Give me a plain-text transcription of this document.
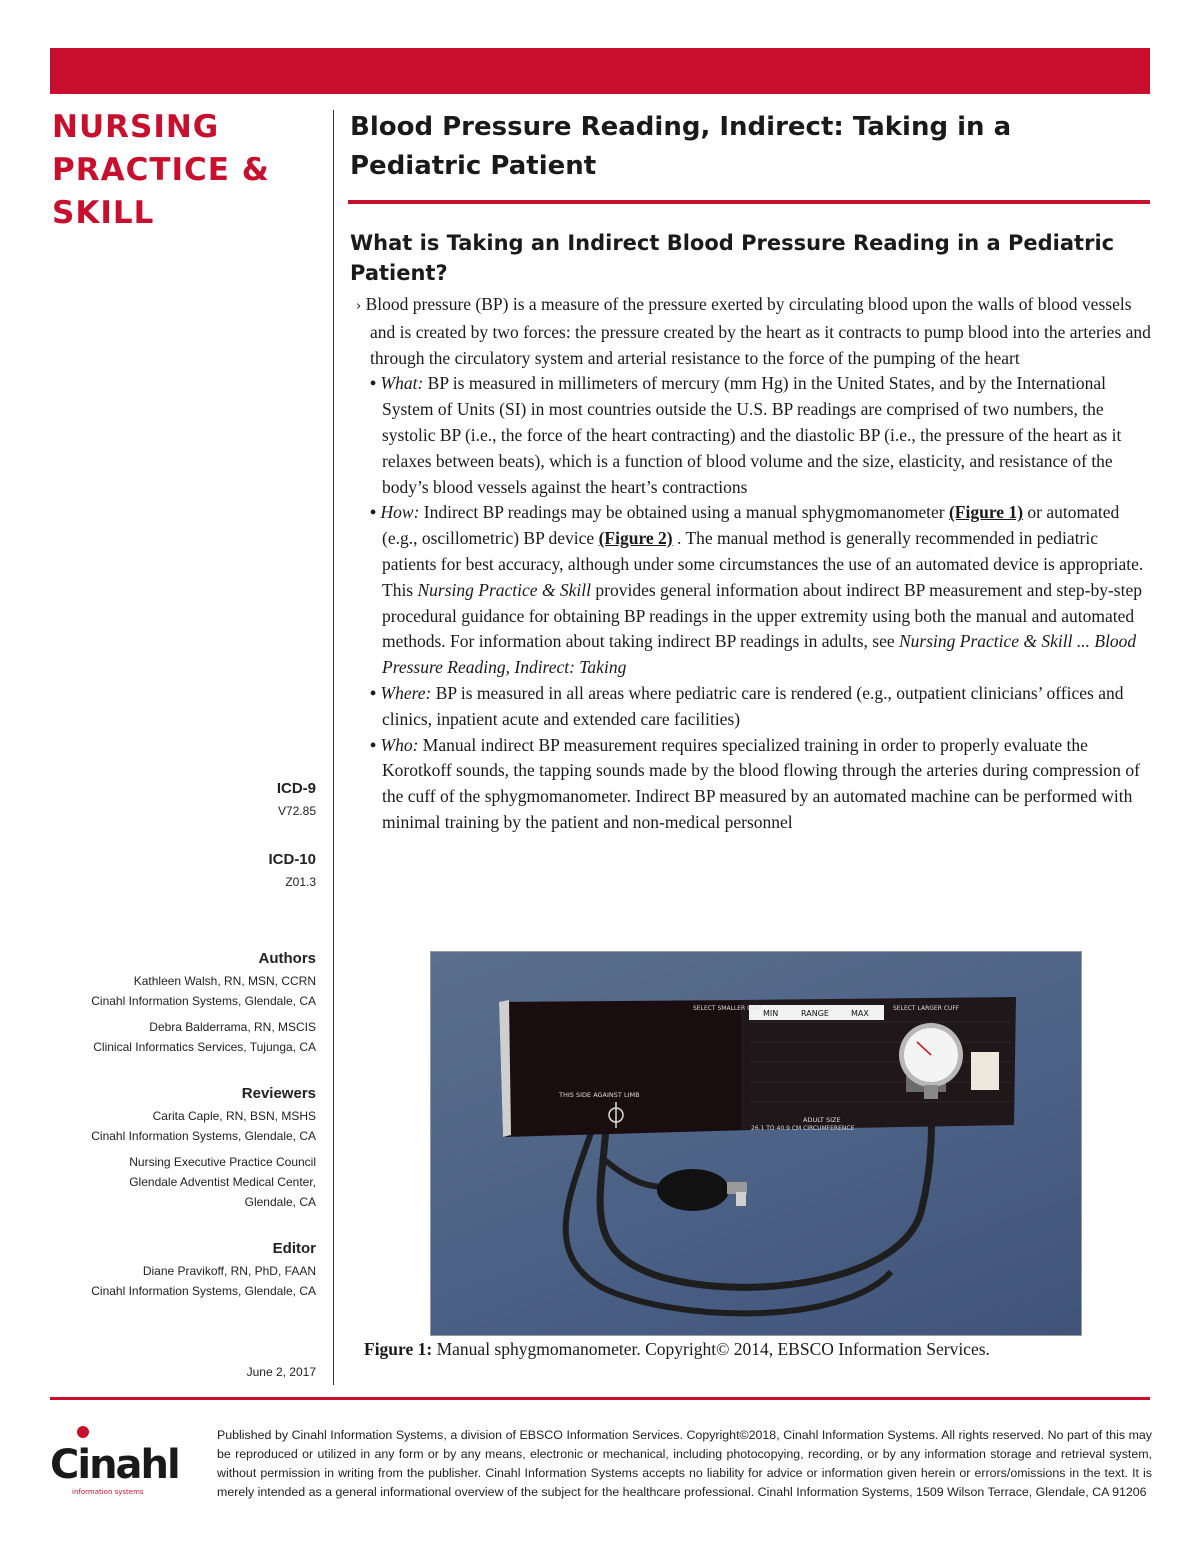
NURSING
PRACTICE &
SKILL
ICD-9
V72.85
ICD-10
Z01.3
Authors
Kathleen Walsh, RN, MSN, CCRN
Cinahl Information Systems, Glendale, CA
Debra Balderrama, RN, MSCIS
Clinical Informatics Services, Tujunga, CA
Reviewers
Carita Caple, RN, BSN, MSHS
Cinahl Information Systems, Glendale, CA
Nursing Executive Practice Council
Glendale Adventist Medical Center,
Glendale, CA
Editor
Diane Pravikoff, RN, PhD, FAAN
Cinahl Information Systems, Glendale, CA
June 2, 2017
Blood Pressure Reading, Indirect: Taking in a Pediatric Patient
What is Taking an Indirect Blood Pressure Reading in a Pediatric Patient?

› Blood pressure (BP) is a measure of the pressure exerted by circulating blood upon the walls of blood vessels and is created by two forces: the pressure created by the heart as it contracts to pump blood into the arteries and through the circulatory system and arterial resistance to the force of the pumping of the heart

• What: BP is measured in millimeters of mercury (mm Hg) in the United States, and by the International System of Units (SI) in most countries outside the U.S. BP readings are comprised of two numbers, the systolic BP (i.e., the force of the heart contracting) and the diastolic BP (i.e., the pressure of the heart as it relaxes between beats), which is a function of blood volume and the size, elasticity, and resistance of the body’s blood vessels against the heart’s contractions

• How: Indirect BP readings may be obtained using a manual sphygmomanometer (Figure 1) or automated (e.g., oscillometric) BP device (Figure 2) . The manual method is generally recommended in pediatric patients for best accuracy, although under some circumstances the use of an automated device is appropriate. This Nursing Practice & Skill provides general information about indirect BP measurement and step-by-step procedural guidance for obtaining BP readings in the upper extremity using both the manual and automated methods. For information about taking indirect BP readings in adults, see Nursing Practice & Skill ... Blood Pressure Reading, Indirect: Taking

• Where: BP is measured in all areas where pediatric care is rendered (e.g., outpatient clinicians’ offices and clinics, inpatient acute and extended care facilities)

• Who: Manual indirect BP measurement requires specialized training in order to properly evaluate the Korotkoff sounds, the tapping sounds made by the blood flowing through the arteries during compression of the cuff of the sphygmomanometer. Indirect BP measured by an automated machine can be performed with minimal training by the patient and non-medical personnel

MIN	RANGE	MAX
SELECT SMALLER CUFF	SELECT LARGER CUFF
THIS SIDE AGAINST LIMB
ADULT SIZE
26.1 TO 40.9 CM CIRCUMFERENCE
Figure 1: Manual sphygmomanometer. Copyright© 2014, EBSCO Information Services.
Cinahl
information systems
Published by Cinahl Information Systems, a division of EBSCO Information Services. Copyright©2018, Cinahl Information Systems. All rights reserved. No part of this may be reproduced or utilized in any form or by any means, electronic or mechanical, including photocopying, recording, or by any information storage and retrieval system, without permission in writing from the publisher. Cinahl Information Systems accepts no liability for advice or information given herein or errors/omissions in the text. It is merely intended as a general informational overview of the subject for the healthcare professional. Cinahl Information Systems, 1509 Wilson Terrace, Glendale, CA 91206
